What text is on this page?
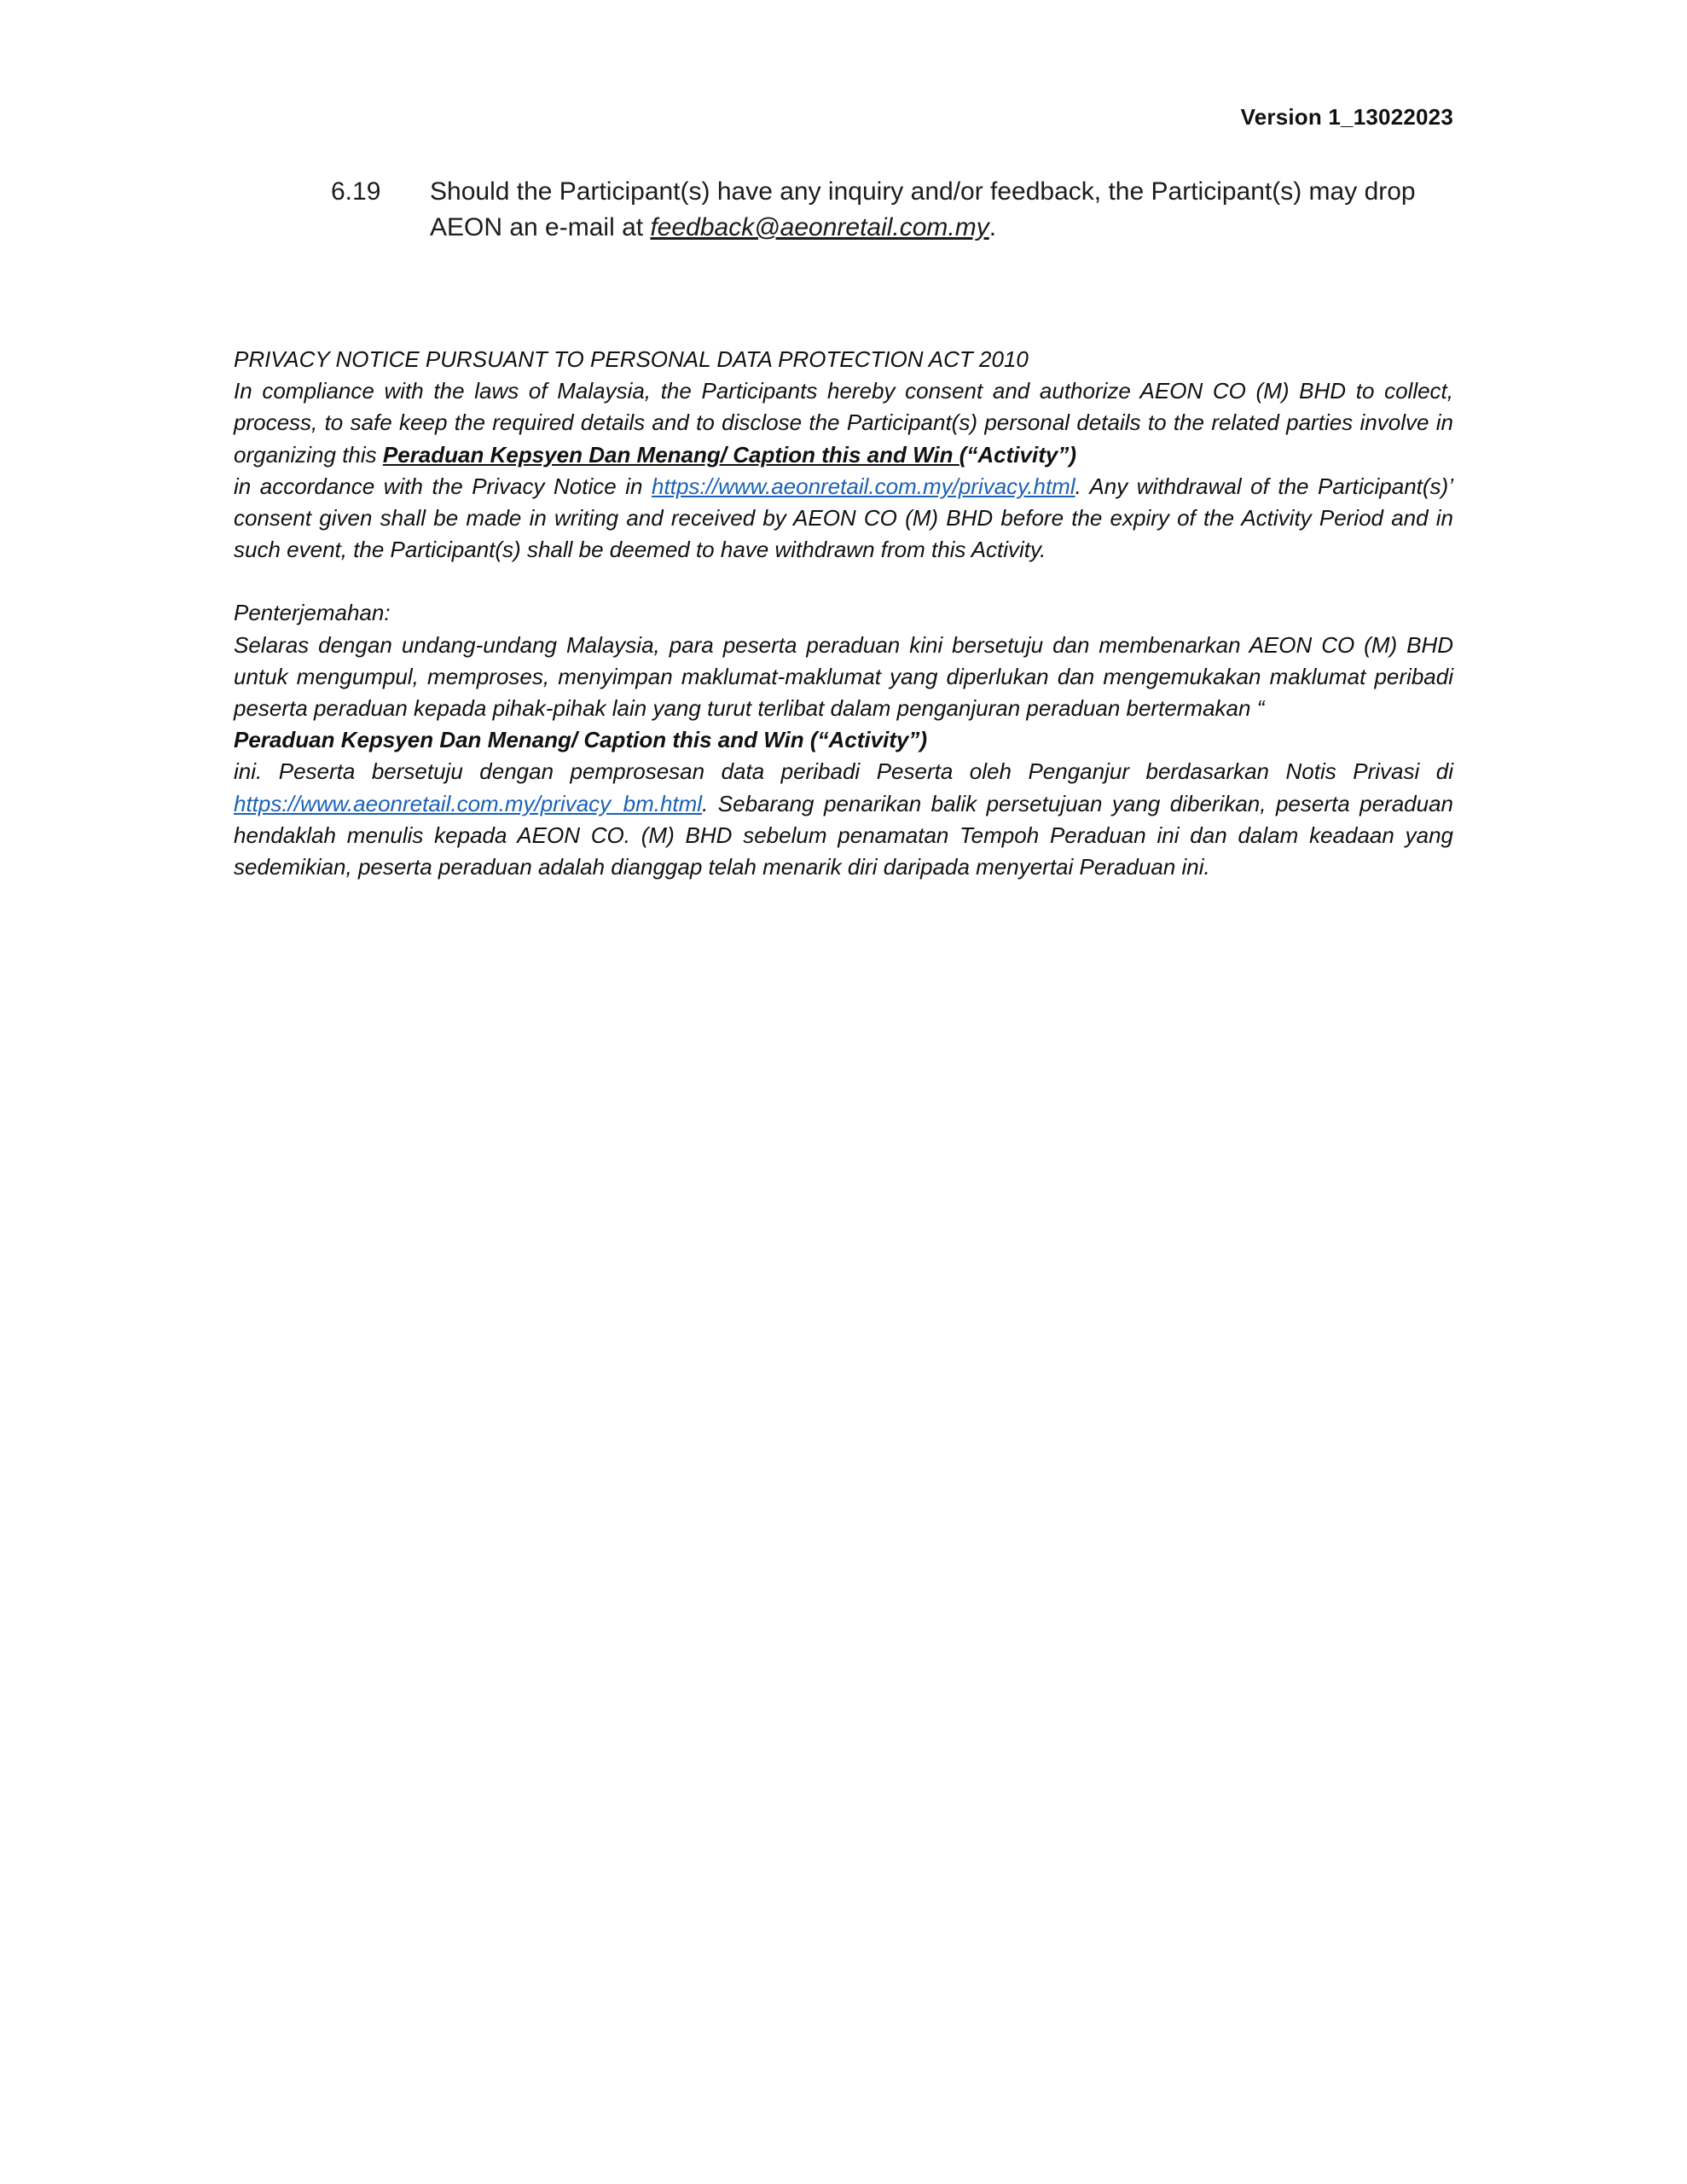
Version 1_13022023
6.19 Should the Participant(s) have any inquiry and/or feedback, the Participant(s) may drop AEON an e-mail at feedback@aeonretail.com.my.

PRIVACY NOTICE PURSUANT TO PERSONAL DATA PROTECTION ACT 2010

In compliance with the laws of Malaysia, the Participants hereby consent and authorize AEON CO (M) BHD to collect, process, to safe keep the required details and to disclose the Participant(s) personal details to the related parties involve in organizing this Peraduan Kepsyen Dan Menang/ Caption this and Win (“Activity”)

in accordance with the Privacy Notice in https://www.aeonretail.com.my/privacy.html. Any withdrawal of the Participant(s)’ consent given shall be made in writing and received by AEON CO (M) BHD before the expiry of the Activity Period and in such event, the Participant(s) shall be deemed to have withdrawn from this Activity.

Penterjemahan:

Selaras dengan undang-undang Malaysia, para peserta peraduan kini bersetuju dan membenarkan AEON CO (M) BHD untuk mengumpul, memproses, menyimpan maklumat-maklumat yang diperlukan dan mengemukakan maklumat peribadi peserta peraduan kepada pihak-pihak lain yang turut terlibat dalam penganjuran peraduan bertermakan “

Peraduan Kepsyen Dan Menang/ Caption this and Win (“Activity”)

ini. Peserta bersetuju dengan pemprosesan data peribadi Peserta oleh Penganjur berdasarkan Notis Privasi di https://www.aeonretail.com.my/privacy_bm.html. Sebarang penarikan balik persetujuan yang diberikan, peserta peraduan hendaklah menulis kepada AEON CO. (M) BHD sebelum penamatan Tempoh Peraduan ini dan dalam keadaan yang sedemikian, peserta peraduan adalah dianggap telah menarik diri daripada menyertai Peraduan ini.
